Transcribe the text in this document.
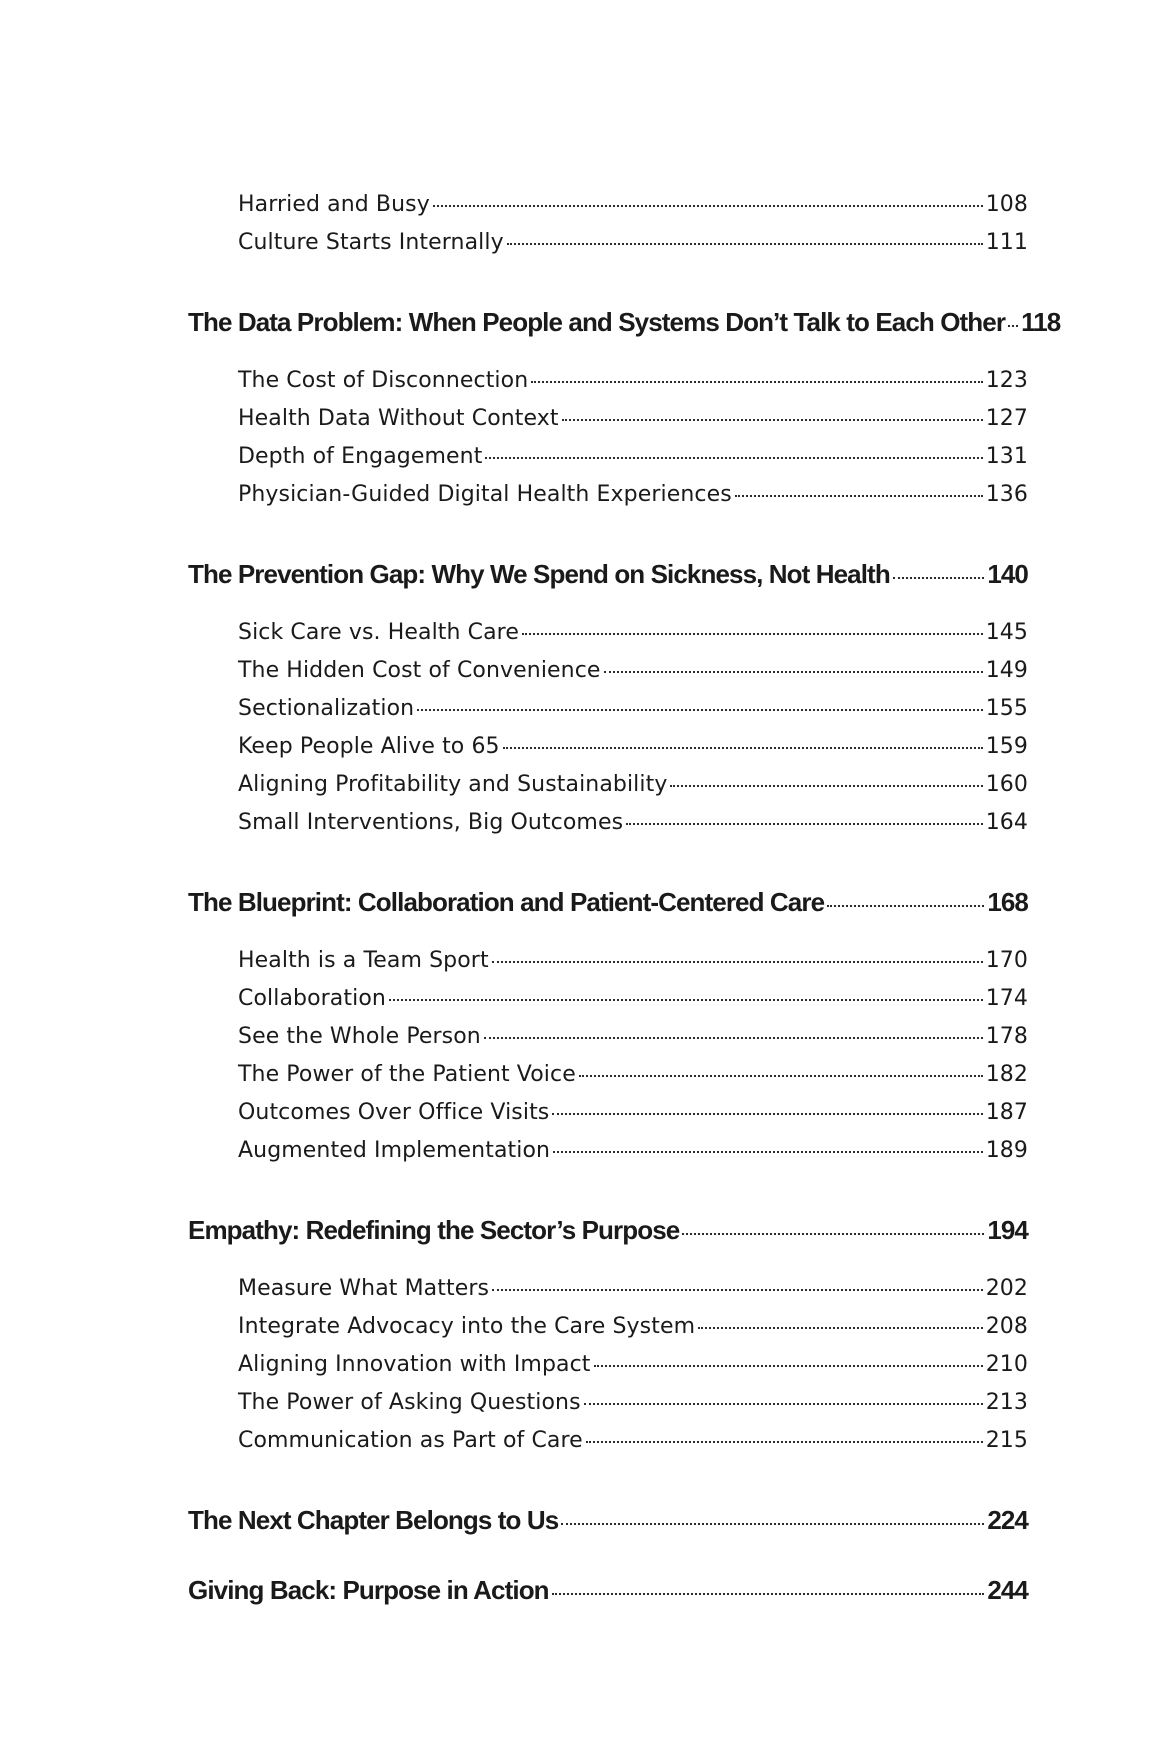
Harried and Busy	108
Culture Starts Internally	111
The Data Problem: When People and Systems Don’t Talk to Each Other 118
The Cost of Disconnection	123
Health Data Without Context	127
Depth of Engagement	131
Physician-Guided Digital Health Experiences	136
The Prevention Gap: Why We Spend on Sickness, Not Health	140
Sick Care vs. Health Care	145
The Hidden Cost of Convenience	149
Sectionalization	155
Keep People Alive to 65	159
Aligning Profitability and Sustainability	160
Small Interventions, Big Outcomes	164
The Blueprint: Collaboration and Patient-Centered Care	168
Health is a Team Sport	170
Collaboration	174
See the Whole Person	178
The Power of the Patient Voice	182
Outcomes Over Office Visits	187
Augmented Implementation	189
Empathy: Redefining the Sector’s Purpose	194
Measure What Matters	202
Integrate Advocacy into the Care System	208
Aligning Innovation with Impact	210
The Power of Asking Questions	213
Communication as Part of Care	215
The Next Chapter Belongs to Us	224
Giving Back: Purpose in Action	244
